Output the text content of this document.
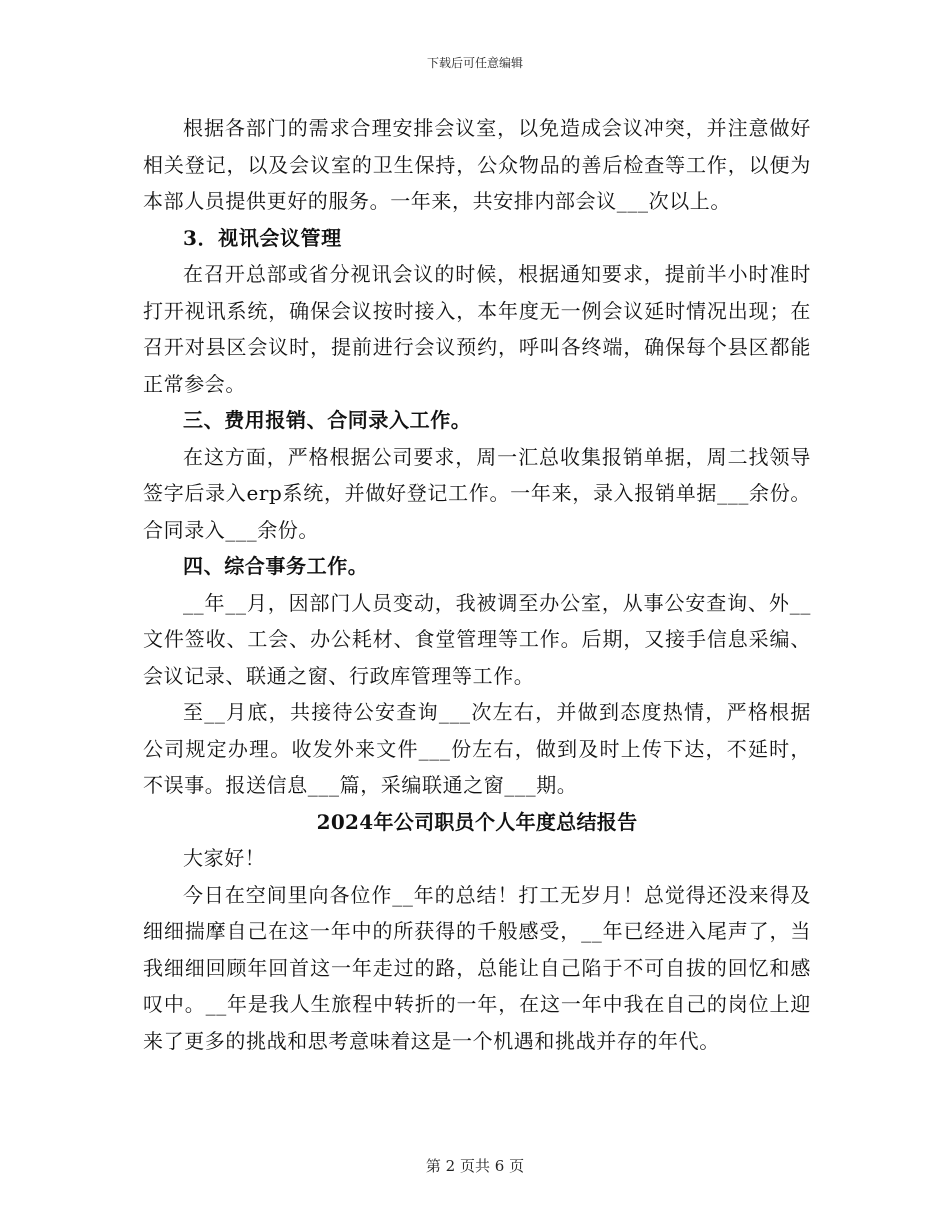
下载后可任意编辑

根据各部门的需求合理安排会议室，以免造成会议冲突，并注意做好相关登记，以及会议室的卫生保持，公众物品的善后检查等工作，以便为本部人员提供更好的服务。一年来，共安排内部会议___次以上。

3．视讯会议管理

在召开总部或省分视讯会议的时候，根据通知要求，提前半小时准时打开视讯系统，确保会议按时接入，本年度无一例会议延时情况出现；在召开对县区会议时，提前进行会议预约，呼叫各终端，确保每个县区都能正常参会。

三、费用报销、合同录入工作。

在这方面，严格根据公司要求，周一汇总收集报销单据，周二找领导签字后录入erp系统，并做好登记工作。一年来，录入报销单据___余份。合同录入___余份。

四、综合事务工作。

__年__月，因部门人员变动，我被调至办公室，从事公安查询、外__文件签收、工会、办公耗材、食堂管理等工作。后期，又接手信息采编、会议记录、联通之窗、行政库管理等工作。

至__月底，共接待公安查询___次左右，并做到态度热情，严格根据公司规定办理。收发外来文件___份左右，做到及时上传下达，不延时，不误事。报送信息___篇，采编联通之窗___期。

2024年公司职员个人年度总结报告

大家好！

今日在空间里向各位作__年的总结！打工无岁月！总觉得还没来得及细细揣摩自己在这一年中的所获得的千般感受，__年已经进入尾声了，当我细细回顾年回首这一年走过的路，总能让自己陷于不可自拔的回忆和感叹中。__年是我人生旅程中转折的一年，在这一年中我在自己的岗位上迎来了更多的挑战和思考意味着这是一个机遇和挑战并存的年代。

第 2 页共 6 页
